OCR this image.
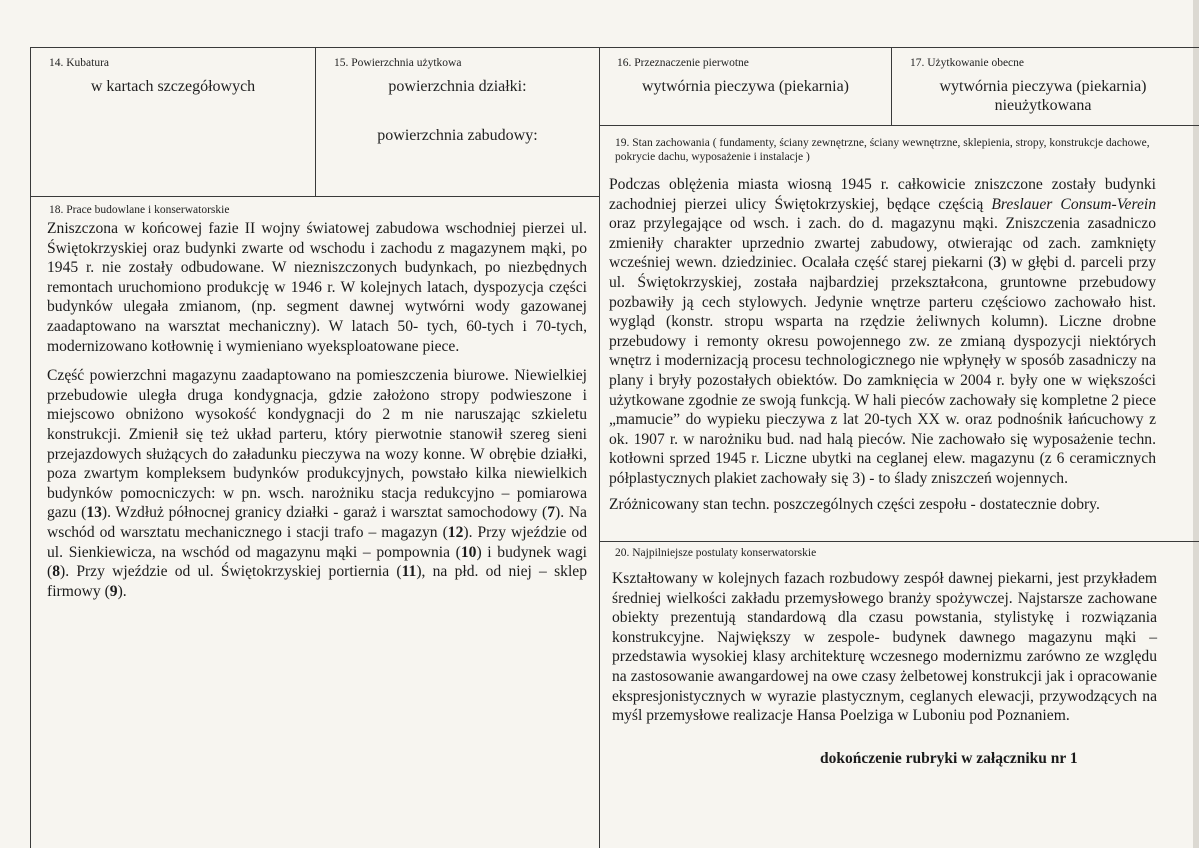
14. Kubatura
w kartach szczegółowych
15. Powierzchnia użytkowa
powierzchnia działki:
powierzchnia zabudowy:
16. Przeznaczenie pierwotne
wytwórnia pieczywa (piekarnia)
17. Użytkowanie obecne
wytwórnia pieczywa (piekarnia)
nieużytkowana
19. Stan zachowania ( fundamenty, ściany zewnętrzne, ściany wewnętrzne, sklepienia, stropy, konstrukcje dachowe, pokrycie dachu, wyposażenie i instalacje )

Podczas oblężenia miasta wiosną 1945 r. całkowicie zniszczone zostały budynki zachodniej pierzei ulicy Świętokrzyskiej, będące częścią Breslauer Consum-Verein oraz przylegające od wsch. i zach. do d. magazynu mąki. Zniszczenia zasadniczo zmieniły charakter uprzednio zwartej zabudowy, otwierając od zach. zamknięty wcześniej wewn. dziedziniec. Ocalała część starej piekarni (3) w głębi d. parceli przy ul. Świętokrzyskiej, została najbardziej przekształcona, gruntowne przebudowy pozbawiły ją cech stylowych. Jedynie wnętrze parteru częściowo zachowało hist. wygląd (konstr. stropu wsparta na rzędzie żeliwnych kolumn). Liczne drobne przebudowy i remonty okresu powojennego zw. ze zmianą dyspozycji niektórych wnętrz i modernizacją procesu technologicznego nie wpłynęły w sposób zasadniczy na plany i bryły pozostałych obiektów. Do zamknięcia w 2004 r. były one w większości użytkowane zgodnie ze swoją funkcją. W hali pieców zachowały się kompletne 2 piece „mamucie” do wypieku pieczywa z lat 20-tych XX w. oraz podnośnik łańcuchowy z ok. 1907 r. w narożniku bud. nad halą pieców. Nie zachowało się wyposażenie techn. kotłowni sprzed 1945 r. Liczne ubytki na ceglanej elew. magazynu (z 6 ceramicznych półplastycznych plakiet zachowały się 3) - to ślady zniszczeń wojennych.

Zróżnicowany stan techn. poszczególnych części zespołu - dostatecznie dobry.

18. Prace budowlane i konserwatorskie

Zniszczona w końcowej fazie II wojny światowej zabudowa wschodniej pierzei ul. Świętokrzyskiej oraz budynki zwarte od wschodu i zachodu z magazynem mąki, po 1945 r. nie zostały odbudowane. W niezniszczonych budynkach, po niezbędnych remontach uruchomiono produkcję w 1946 r. W kolejnych latach, dyspozycja części budynków ulegała zmianom, (np. segment dawnej wytwórni wody gazowanej zaadaptowano na warsztat mechaniczny). W latach 50- tych, 60-tych i 70-tych, modernizowano kotłownię i wymieniano wyeksploatowane piece.

Część powierzchni magazynu zaadaptowano na pomieszczenia biurowe. Niewielkiej przebudowie uległa druga kondygnacja, gdzie założono stropy podwieszone i miejscowo obniżono wysokość kondygnacji do 2 m nie naruszając szkieletu konstrukcji. Zmienił się też układ parteru, który pierwotnie stanowił szereg sieni przejazdowych służących do załadunku pieczywa na wozy konne. W obrębie działki, poza zwartym kompleksem budynków produkcyjnych, powstało kilka niewielkich budynków pomocniczych: w pn. wsch. narożniku stacja redukcyjno – pomiarowa gazu (13). Wzdłuż północnej granicy działki - garaż i warsztat samochodowy (7). Na wschód od warsztatu mechanicznego i stacji trafo – magazyn (12). Przy wjeździe od ul. Sienkiewicza, na wschód od magazynu mąki – pompownia (10) i budynek wagi (8). Przy wjeździe od ul. Świętokrzyskiej portiernia (11), na płd. od niej – sklep firmowy (9).

20. Najpilniejsze postulaty konserwatorskie

Kształtowany w kolejnych fazach rozbudowy zespół dawnej piekarni, jest przykładem średniej wielkości zakładu przemysłowego branży spożywczej. Najstarsze zachowane obiekty prezentują standardową dla czasu powstania, stylistykę i rozwiązania konstrukcyjne. Największy w zespole- budynek dawnego magazynu mąki – przedstawia wysokiej klasy architekturę wczesnego modernizmu zarówno ze względu na zastosowanie awangardowej na owe czasy żelbetowej konstrukcji jak i opracowanie ekspresjonistycznych w wyrazie plastycznym, ceglanych elewacji, przywodzących na myśl przemysłowe realizacje Hansa Poelziga w Luboniu pod Poznaniem.

dokończenie rubryki w załączniku nr 1
